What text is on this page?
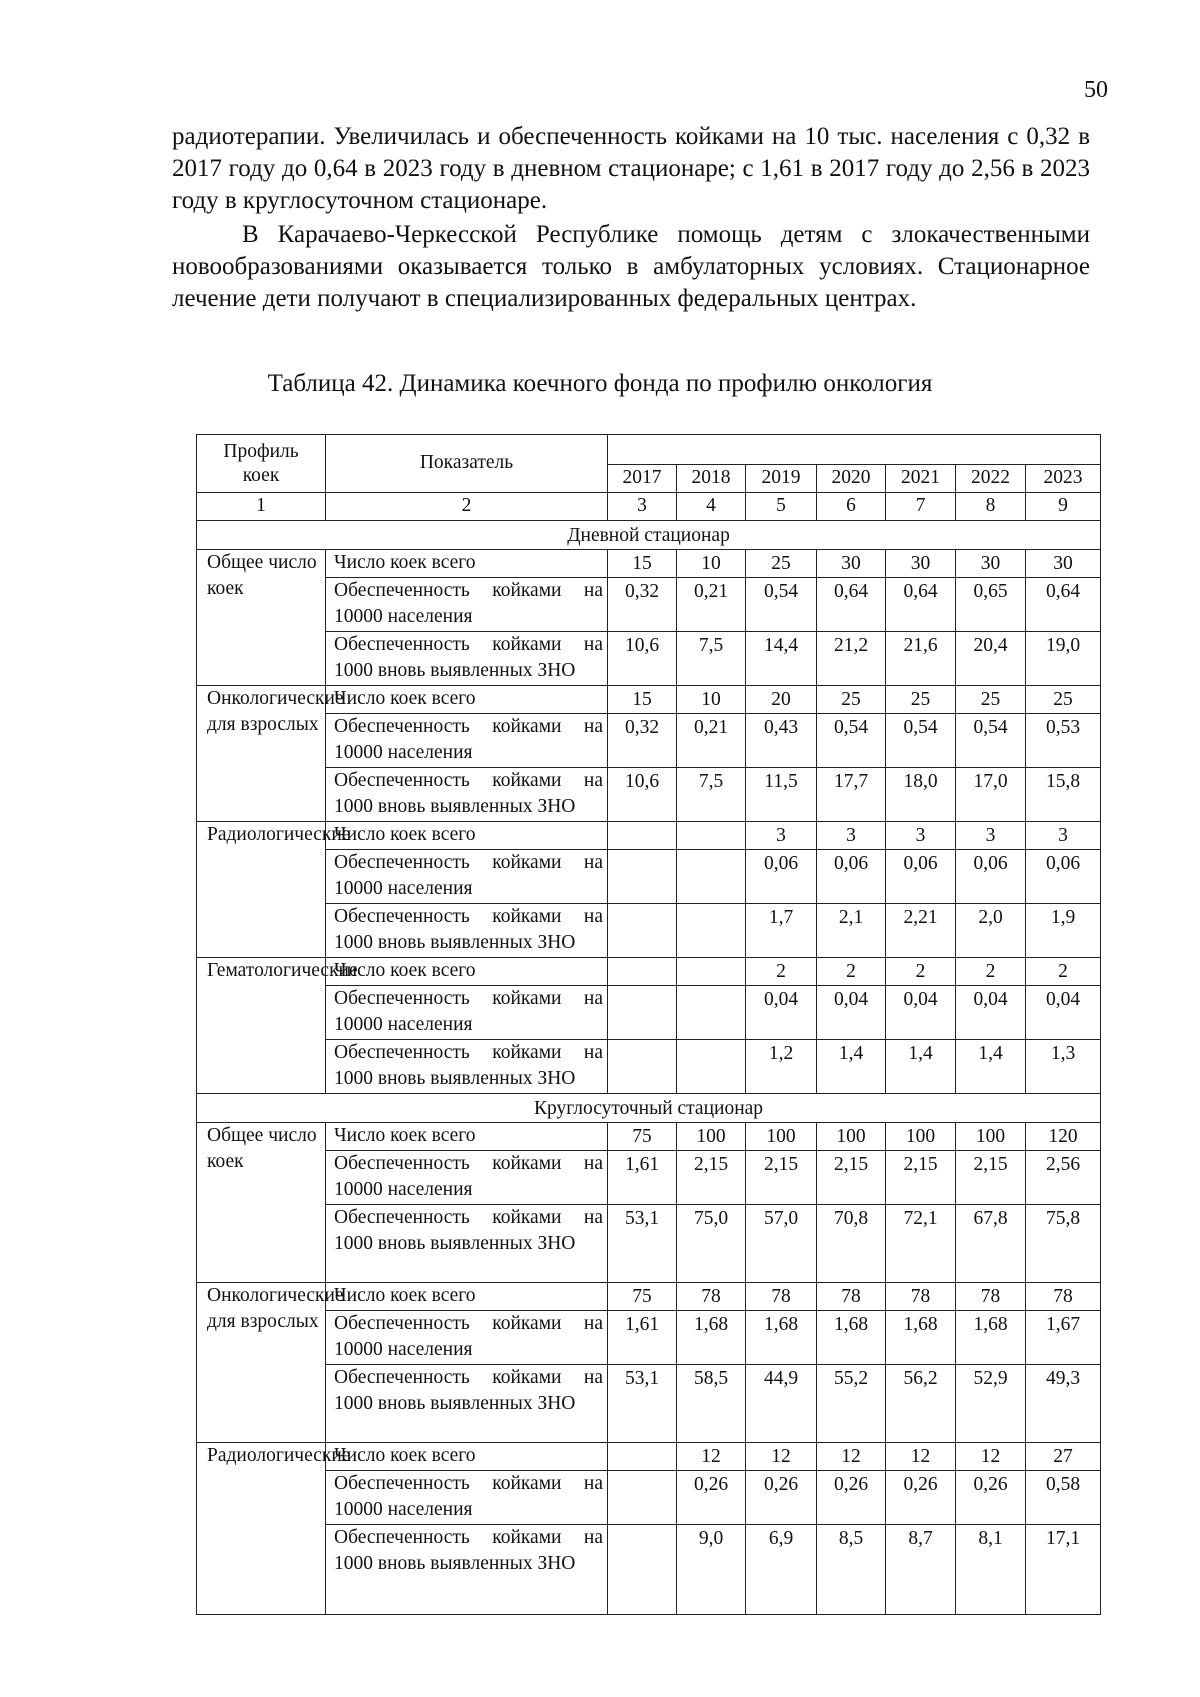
50

радиотерапии. Увеличилась и обеспеченность койками на 10 тыс. населения с 0,32 в 2017 году до 0,64 в 2023 году в дневном стационаре; с 1,61 в 2017 году до 2,56 в 2023 году в круглосуточном стационаре.

В Карачаево-Черкесской Республике помощь детям с злокачественными новообразованиями оказывается только в амбулаторных условиях. Стационарное лечение дети получают в специализированных федеральных центрах.

Таблица 42. Динамика коечного фонда по профилю онкология

Профиль коек	Показатель							
		2017	2018	2019	2020	2021	2022	2023
1	2	3	4	5	6	7	8	9
Дневной стационар								
Общее число коек	Число коек всего	15	10	25	30	30	30	30
	Обеспеченность койками на 10000 населения	0,32	0,21	0,54	0,64	0,64	0,65	0,64
	Обеспеченность койками на 1000 вновь выявленных ЗНО	10,6	7,5	14,4	21,2	21,6	20,4	19,0
Онкологические для взрослых	Число коек всего	15	10	20	25	25	25	25
	Обеспеченность койками на 10000 населения	0,32	0,21	0,43	0,54	0,54	0,54	0,53
	Обеспеченность койками на 1000 вновь выявленных ЗНО	10,6	7,5	11,5	17,7	18,0	17,0	15,8
Радиологические	Число коек всего			3	3	3	3	3
	Обеспеченность койками на 10000 населения			0,06	0,06	0,06	0,06	0,06
	Обеспеченность койками на 1000 вновь выявленных ЗНО			1,7	2,1	2,21	2,0	1,9
Гематологические	Число коек всего			2	2	2	2	2
	Обеспеченность койками на 10000 населения			0,04	0,04	0,04	0,04	0,04
	Обеспеченность койками на 1000 вновь выявленных ЗНО			1,2	1,4	1,4	1,4	1,3
Круглосуточный стационар								
Общее число коек	Число коек всего	75	100	100	100	100	100	120
	Обеспеченность койками на 10000 населения	1,61	2,15	2,15	2,15	2,15	2,15	2,56
	Обеспеченность койками на 1000 вновь выявленных ЗНО	53,1	75,0	57,0	70,8	72,1	67,8	75,8
Онкологические для взрослых	Число коек всего	75	78	78	78	78	78	78
	Обеспеченность койками на 10000 населения	1,61	1,68	1,68	1,68	1,68	1,68	1,67
	Обеспеченность койками на 1000 вновь выявленных ЗНО	53,1	58,5	44,9	55,2	56,2	52,9	49,3
Радиологические	Число коек всего		12	12	12	12	12	27
	Обеспеченность койками на 10000 населения		0,26	0,26	0,26	0,26	0,26	0,58
	Обеспеченность койками на 1000 вновь выявленных ЗНО		9,0	6,9	8,5	8,7	8,1	17,1
